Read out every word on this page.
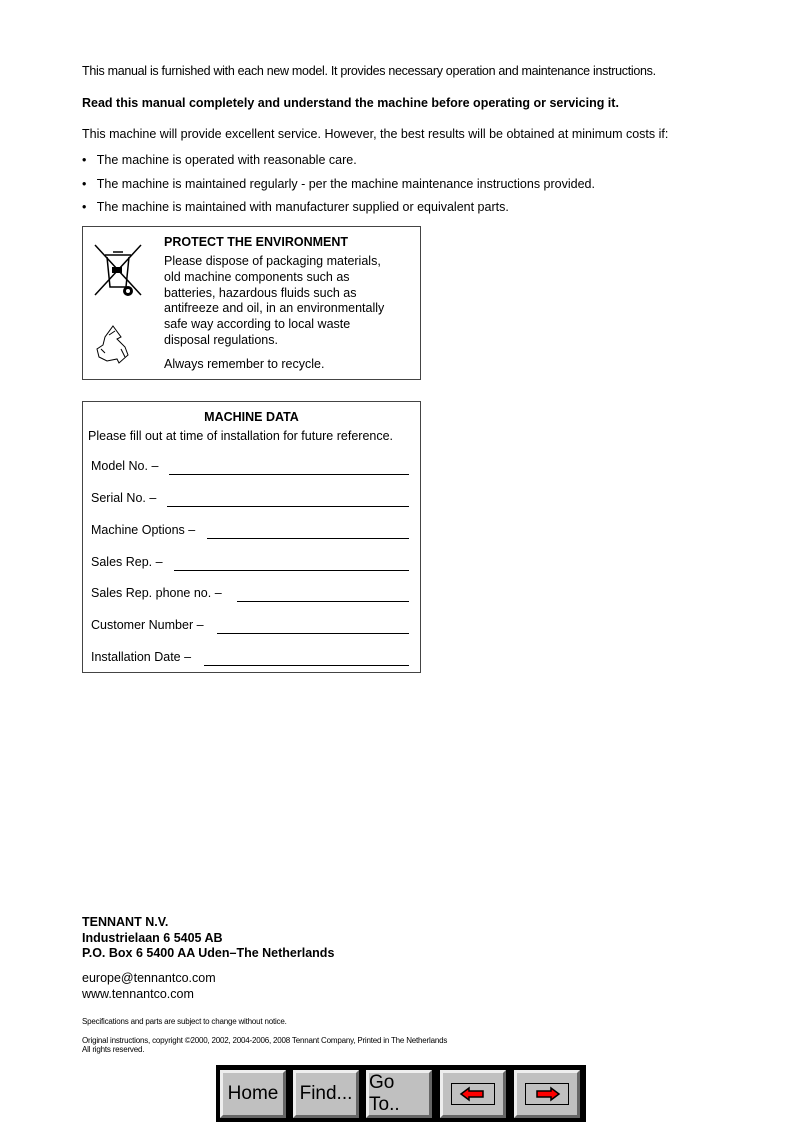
This manual is furnished with each new model. It provides necessary operation and maintenance instructions.
Read this manual completely and understand the machine before operating or servicing it.
This machine will provide excellent service. However, the best results will be obtained at minimum costs if:
•   The machine is operated with reasonable care.
•   The machine is maintained regularly - per the machine maintenance instructions provided.
•   The machine is maintained with manufacturer supplied or equivalent parts.
PROTECT THE ENVIRONMENT
Please dispose of packaging materials,
old machine components such as
batteries, hazardous fluids such as
antifreeze and oil, in an environmentally
safe way according to local waste
disposal regulations.
Always remember to recycle.
MACHINE DATA
Please fill out at time of installation for future reference.
Model No. –
Serial No. –
Machine Options –
Sales Rep. –
Sales Rep. phone no. –
Customer Number –
Installation Date –
TENNANT N.V.
Industrielaan 6 5405 AB
P.O. Box 6 5400 AA Uden–The Netherlands
europe@tennantco.com
www.tennantco.com
Specifications and parts are subject to change without notice.
Original instructions, copyright ©2000, 2002, 2004-2006, 2008 Tennant Company, Printed in The Netherlands
All rights reserved.
Home	Find...
Go To..
